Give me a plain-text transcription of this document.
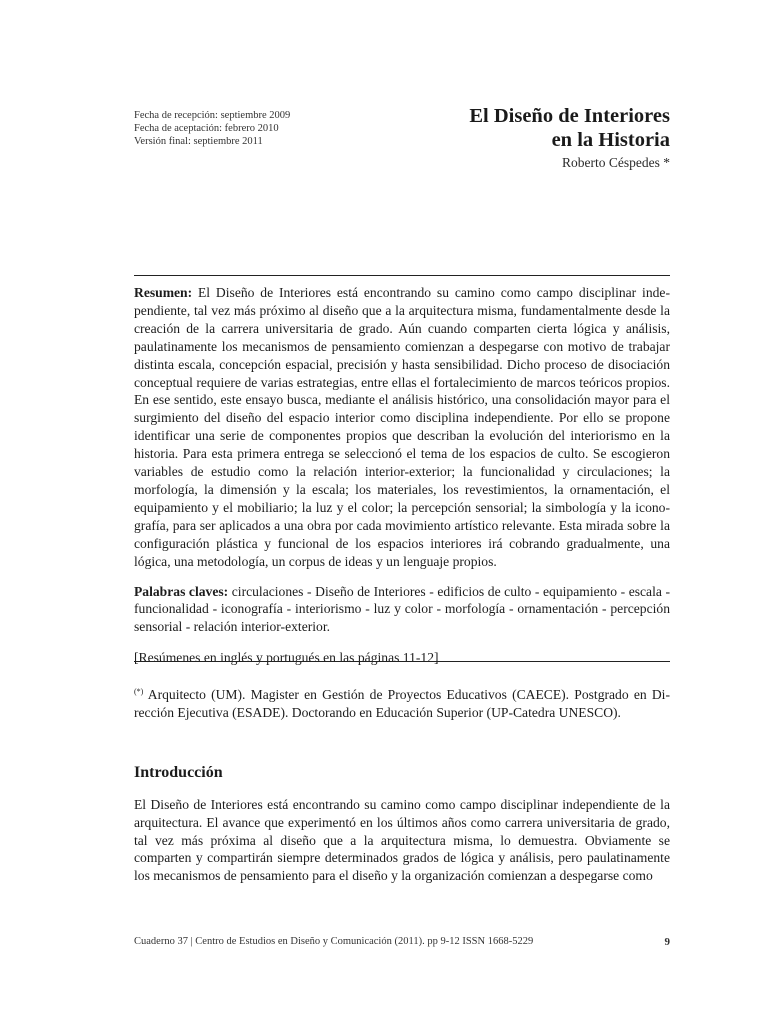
Fecha de recepción: septiembre 2009
Fecha de aceptación: febrero 2010
Versión final: septiembre 2011
El Diseño de Interiores
en la Historia
Roberto Céspedes *

Resumen: El Diseño de Interiores está encontrando su camino como campo disciplinar independiente, tal vez más próximo al diseño que a la arquitectura misma, fundamentalmente desde la creación de la carrera universitaria de grado. Aún cuando comparten cierta lógica y análisis, paulatinamente los mecanismos de pensamiento comienzan a despegarse con motivo de trabajar distinta escala, concepción espacial, precisión y hasta sensibilidad. Dicho proceso de disociación conceptual requiere de varias estrategias, entre ellas el fortalecimiento de marcos teóricos propios. En ese sentido, este ensayo busca, mediante el análisis histórico, una consolidación mayor para el surgimiento del diseño del espacio interior como disciplina independiente. Por ello se propone identificar una serie de componentes propios que describan la evolución del interiorismo en la historia. Para esta primera entrega se seleccionó el tema de los espacios de culto. Se escogieron variables de estudio como la relación interior-exterior; la funcionalidad y circulaciones; la morfología, la dimensión y la escala; los materiales, los revestimientos, la ornamentación, el equipamiento y el mobiliario; la luz y el color; la percepción sensorial; la simbología y la iconografía, para ser aplicados a una obra por cada movimiento artístico relevante. Esta mirada sobre la configuración plástica y funcional de los espacios interiores irá cobrando gradualmente, una lógica, una metodología, un corpus de ideas y un lenguaje propios.

Palabras claves: circulaciones - Diseño de Interiores - edificios de culto - equipamiento - escala - funcionalidad - iconografía - interiorismo - luz y color - morfología - ornamentación - percepción sensorial - relación interior-exterior.

[Resúmenes en inglés y portugués en las páginas 11-12]

(*) Arquitecto (UM). Magister en Gestión de Proyectos Educativos (CAECE). Postgrado en Dirección Ejecutiva (ESADE). Doctorando en Educación Superior (UP-Catedra UNESCO).
Introducción

El Diseño de Interiores está encontrando su camino como campo disciplinar independiente de la arquitectura. El avance que experimentó en los últimos años como carrera universitaria de grado, tal vez más próxima al diseño que a la arquitectura misma, lo demuestra. Obviamente se comparten y compartirán siempre determinados grados de lógica y análisis, pero paulatinamente los mecanismos de pensamiento para el diseño y la organización comienzan a despegarse como

Cuaderno 37 | Centro de Estudios en Diseño y Comunicación (2011). pp 9-12 ISSN 1668-5229	9
